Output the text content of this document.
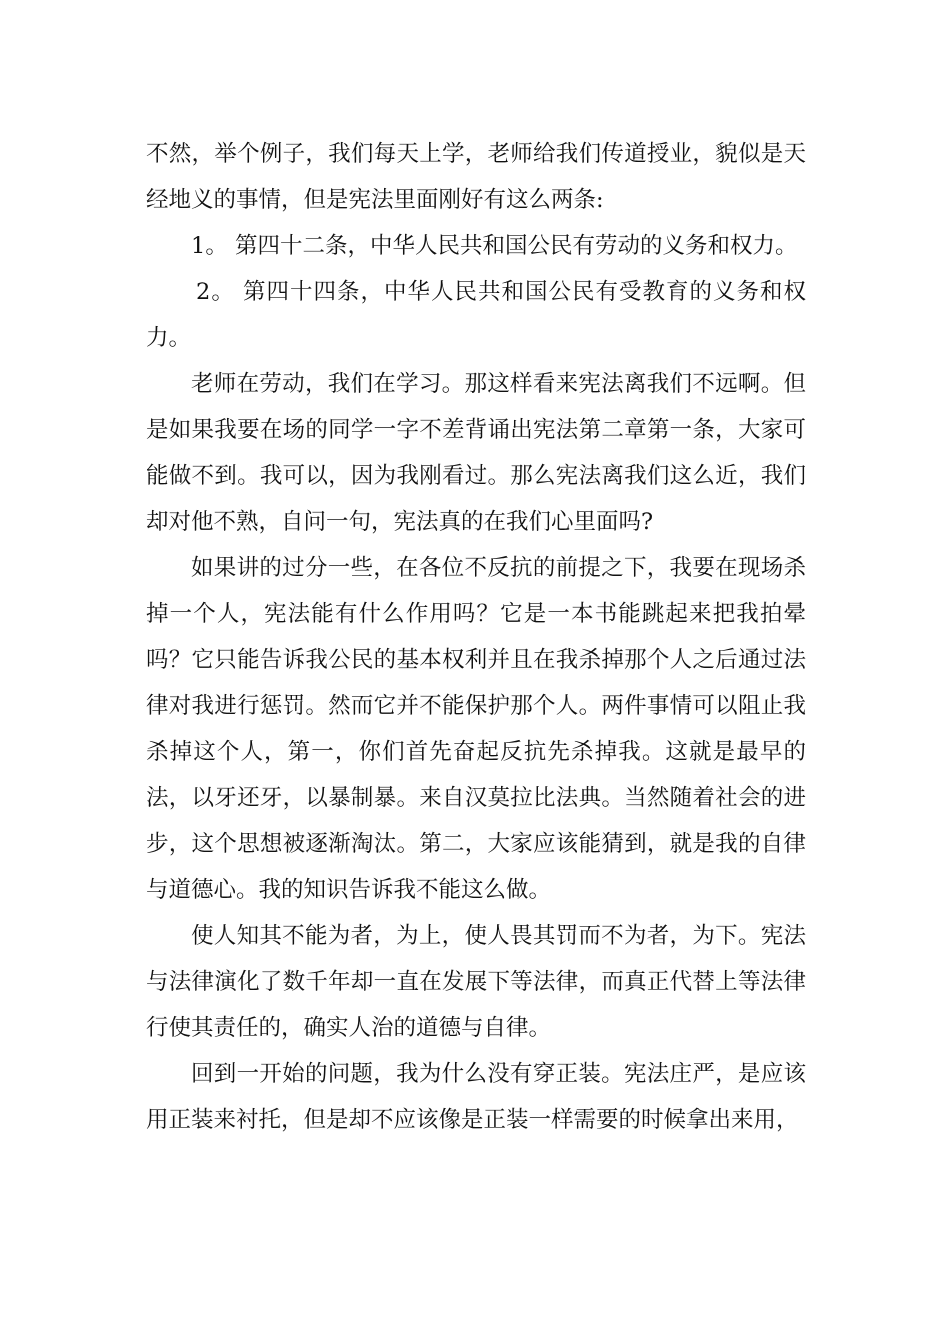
不然，举个例子，我们每天上学，老师给我们传道授业，貌似是天经地义的事情，但是宪法里面刚好有这么两条:

1。 第四十二条，中华人民共和国公民有劳动的义务和权力。

2。 第四十四条，中华人民共和国公民有受教育的义务和权力。

老师在劳动，我们在学习。那这样看来宪法离我们不远啊。但是如果我要在场的同学一字不差背诵出宪法第二章第一条，大家可能做不到。我可以，因为我刚看过。那么宪法离我们这么近，我们却对他不熟，自问一句，宪法真的在我们心里面吗?

如果讲的过分一些，在各位不反抗的前提之下，我要在现场杀掉一个人，宪法能有什么作用吗？它是一本书能跳起来把我拍晕吗？它只能告诉我公民的基本权利并且在我杀掉那个人之后通过法律对我进行惩罚。然而它并不能保护那个人。两件事情可以阻止我杀掉这个人，第一，你们首先奋起反抗先杀掉我。这就是最早的法，以牙还牙，以暴制暴。来自汉莫拉比法典。当然随着社会的进步，这个思想被逐渐淘汰。第二，大家应该能猜到，就是我的自律与道德心。我的知识告诉我不能这么做。

使人知其不能为者，为上，使人畏其罚而不为者，为下。宪法与法律演化了数千年却一直在发展下等法律，而真正代替上等法律行使其责任的，确实人治的道德与自律。

回到一开始的问题，我为什么没有穿正装。宪法庄严，是应该用正装来衬托，但是却不应该像是正装一样需要的时候拿出来用，
